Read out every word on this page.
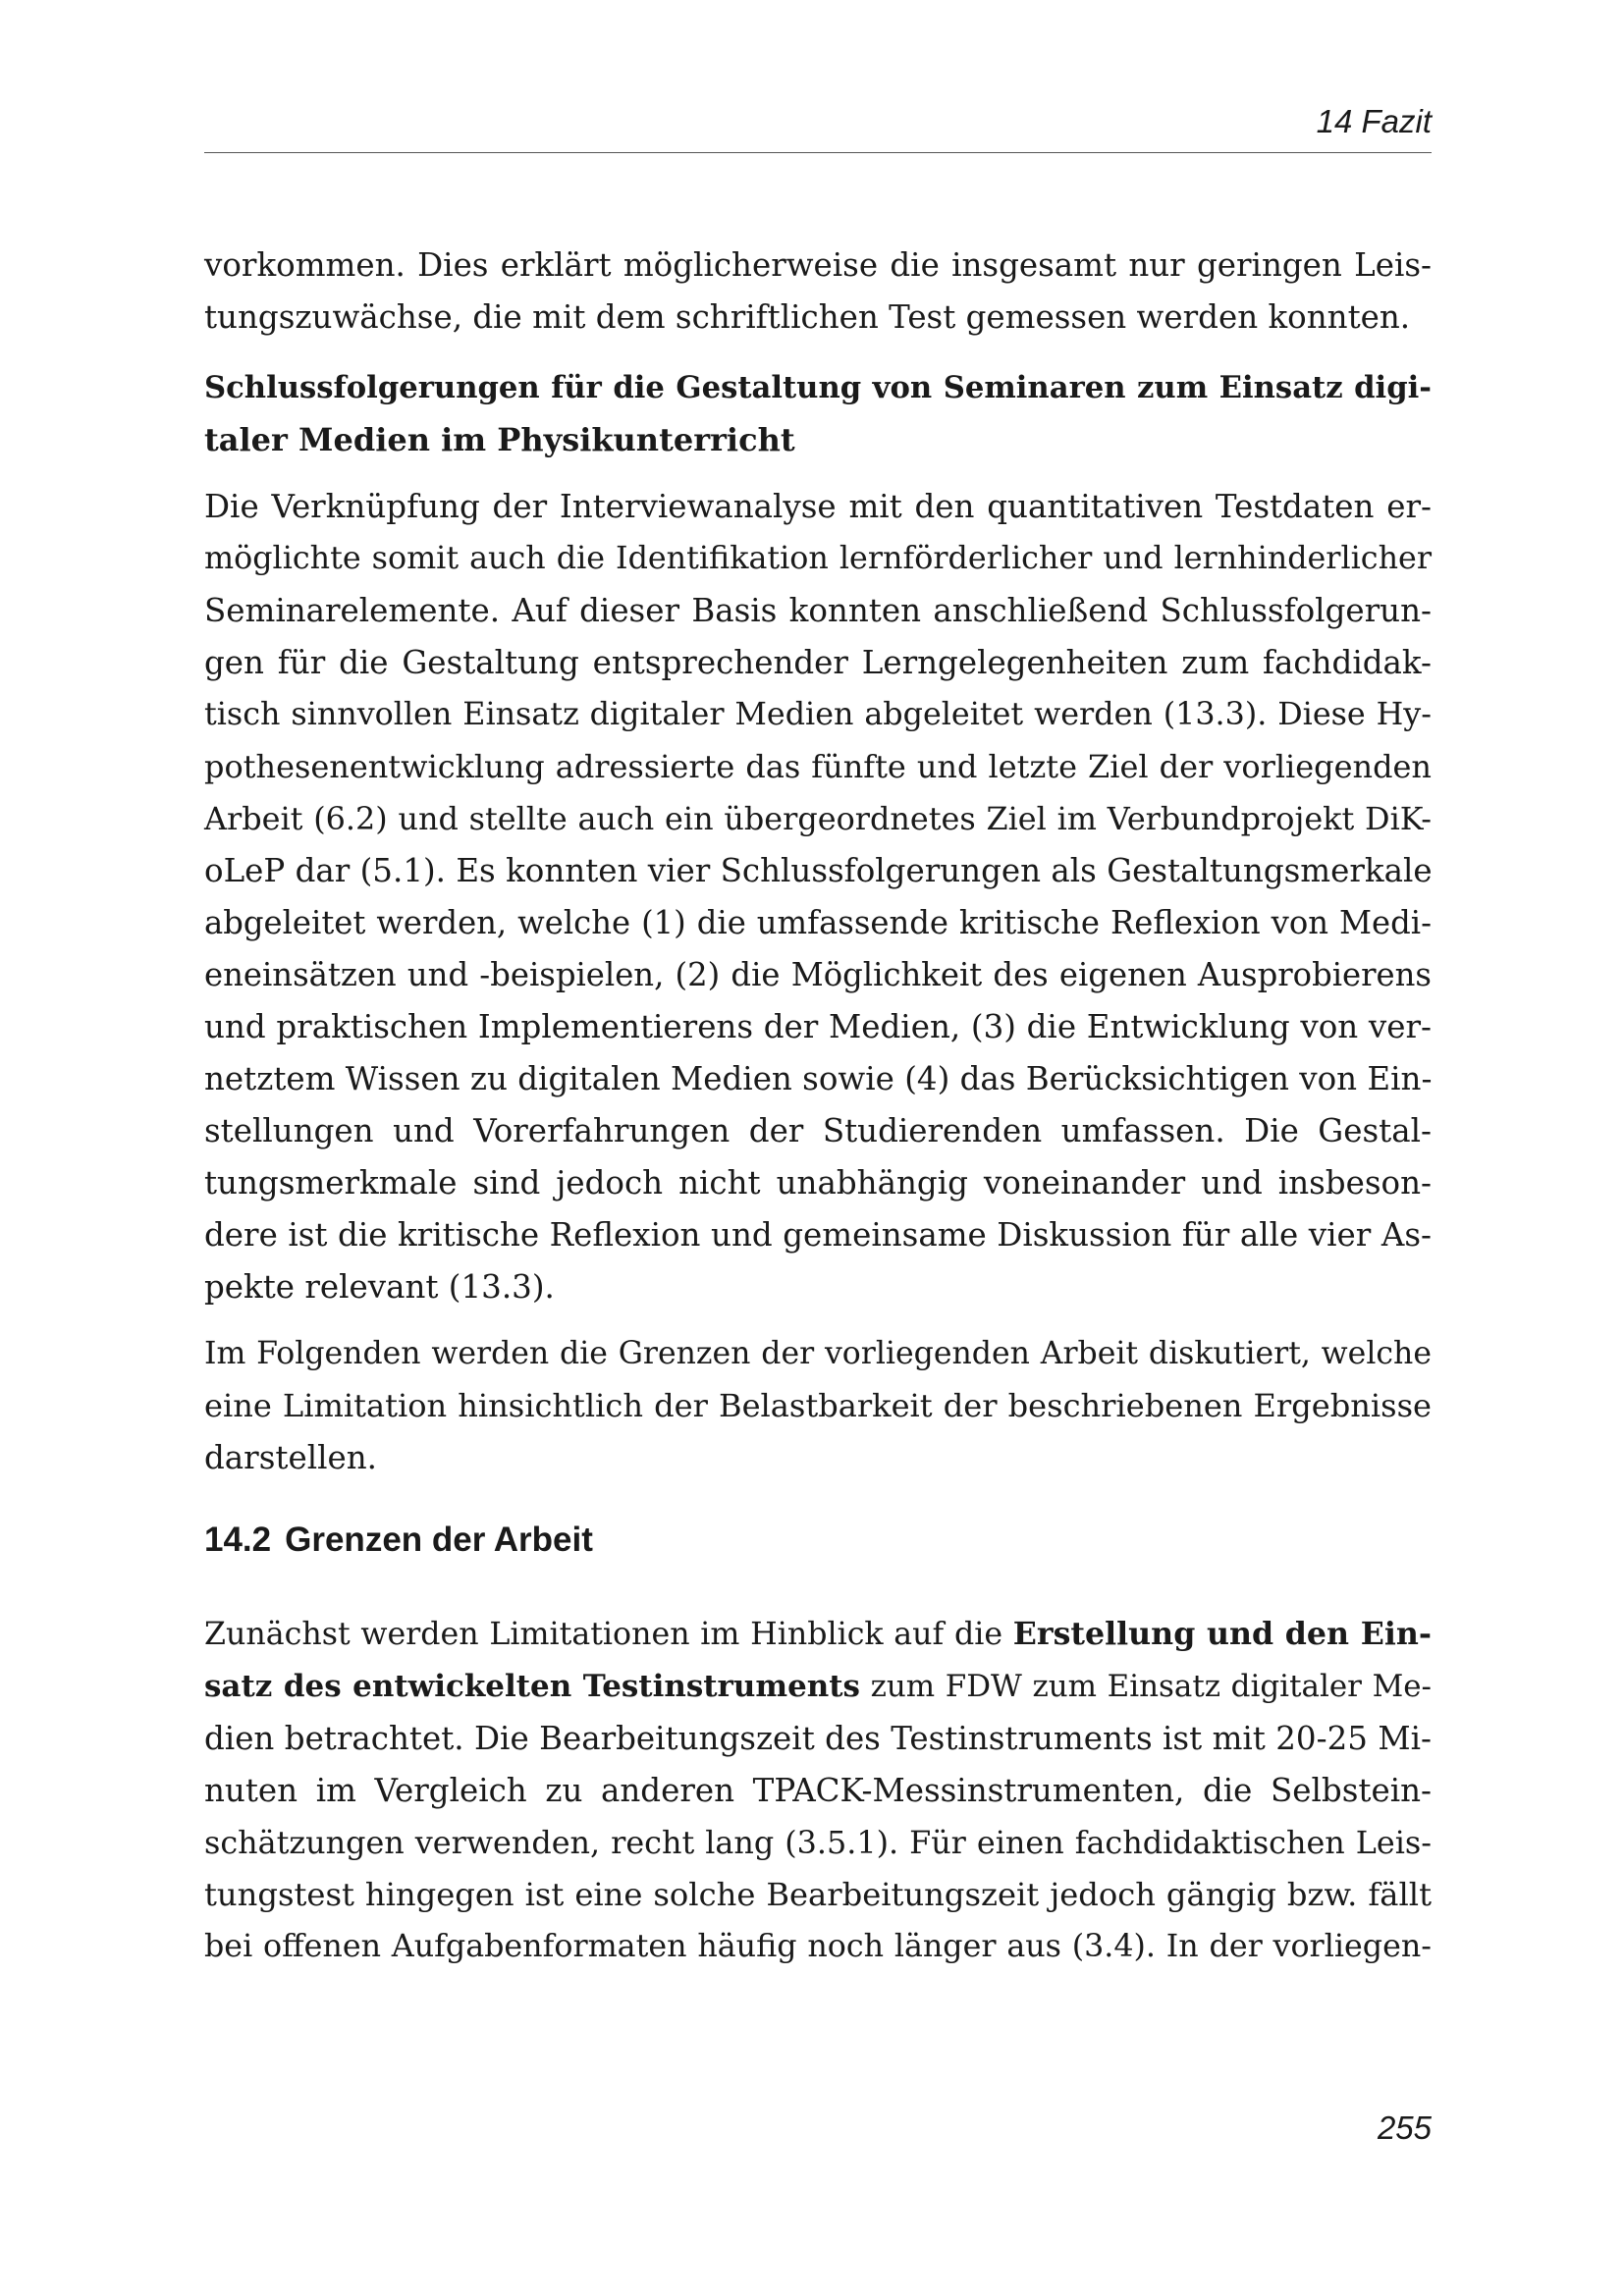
14 Fazit

vorkommen. Dies erklärt möglicherweise die insgesamt nur geringen Leis-
tungszuwächse, die mit dem schriftlichen Test gemessen werden konnten.

Schlussfolgerungen für die Gestaltung von Seminaren zum Einsatz digi-
taler Medien im Physikunterricht

Die Verknüpfung der Interviewanalyse mit den quantitativen Testdaten er-
möglichte somit auch die Identifikation lernförderlicher und lernhinderlicher
Seminarelemente. Auf dieser Basis konnten anschließend Schlussfolgerun-
gen für die Gestaltung entsprechender Lerngelegenheiten zum fachdidak-
tisch sinnvollen Einsatz digitaler Medien abgeleitet werden (13.3). Diese Hy-
pothesenentwicklung adressierte das fünfte und letzte Ziel der vorliegenden
Arbeit (6.2) und stellte auch ein übergeordnetes Ziel im Verbundprojekt DiK-
oLeP dar (5.1). Es konnten vier Schlussfolgerungen als Gestaltungsmerkale
abgeleitet werden, welche (1) die umfassende kritische Reflexion von Medi-
eneinsätzen und -beispielen, (2) die Möglichkeit des eigenen Ausprobierens
und praktischen Implementierens der Medien, (3) die Entwicklung von ver-
netztem Wissen zu digitalen Medien sowie (4) das Berücksichtigen von Ein-
stellungen und Vorerfahrungen der Studierenden umfassen. Die Gestal-
tungsmerkmale sind jedoch nicht unabhängig voneinander und insbeson-
dere ist die kritische Reflexion und gemeinsame Diskussion für alle vier As-
pekte relevant (13.3).

Im Folgenden werden die Grenzen der vorliegenden Arbeit diskutiert, welche
eine Limitation hinsichtlich der Belastbarkeit der beschriebenen Ergebnisse
darstellen.

14.2 Grenzen der Arbeit

Zunächst werden Limitationen im Hinblick auf die Erstellung und den Ein-
satz des entwickelten Testinstruments zum FDW zum Einsatz digitaler Me-
dien betrachtet. Die Bearbeitungszeit des Testinstruments ist mit 20-25 Mi-
nuten im Vergleich zu anderen TPACK-Messinstrumenten, die Selbstein-
schätzungen verwenden, recht lang (3.5.1). Für einen fachdidaktischen Leis-
tungstest hingegen ist eine solche Bearbeitungszeit jedoch gängig bzw. fällt
bei offenen Aufgabenformaten häufig noch länger aus (3.4). In der vorliegen-

255
